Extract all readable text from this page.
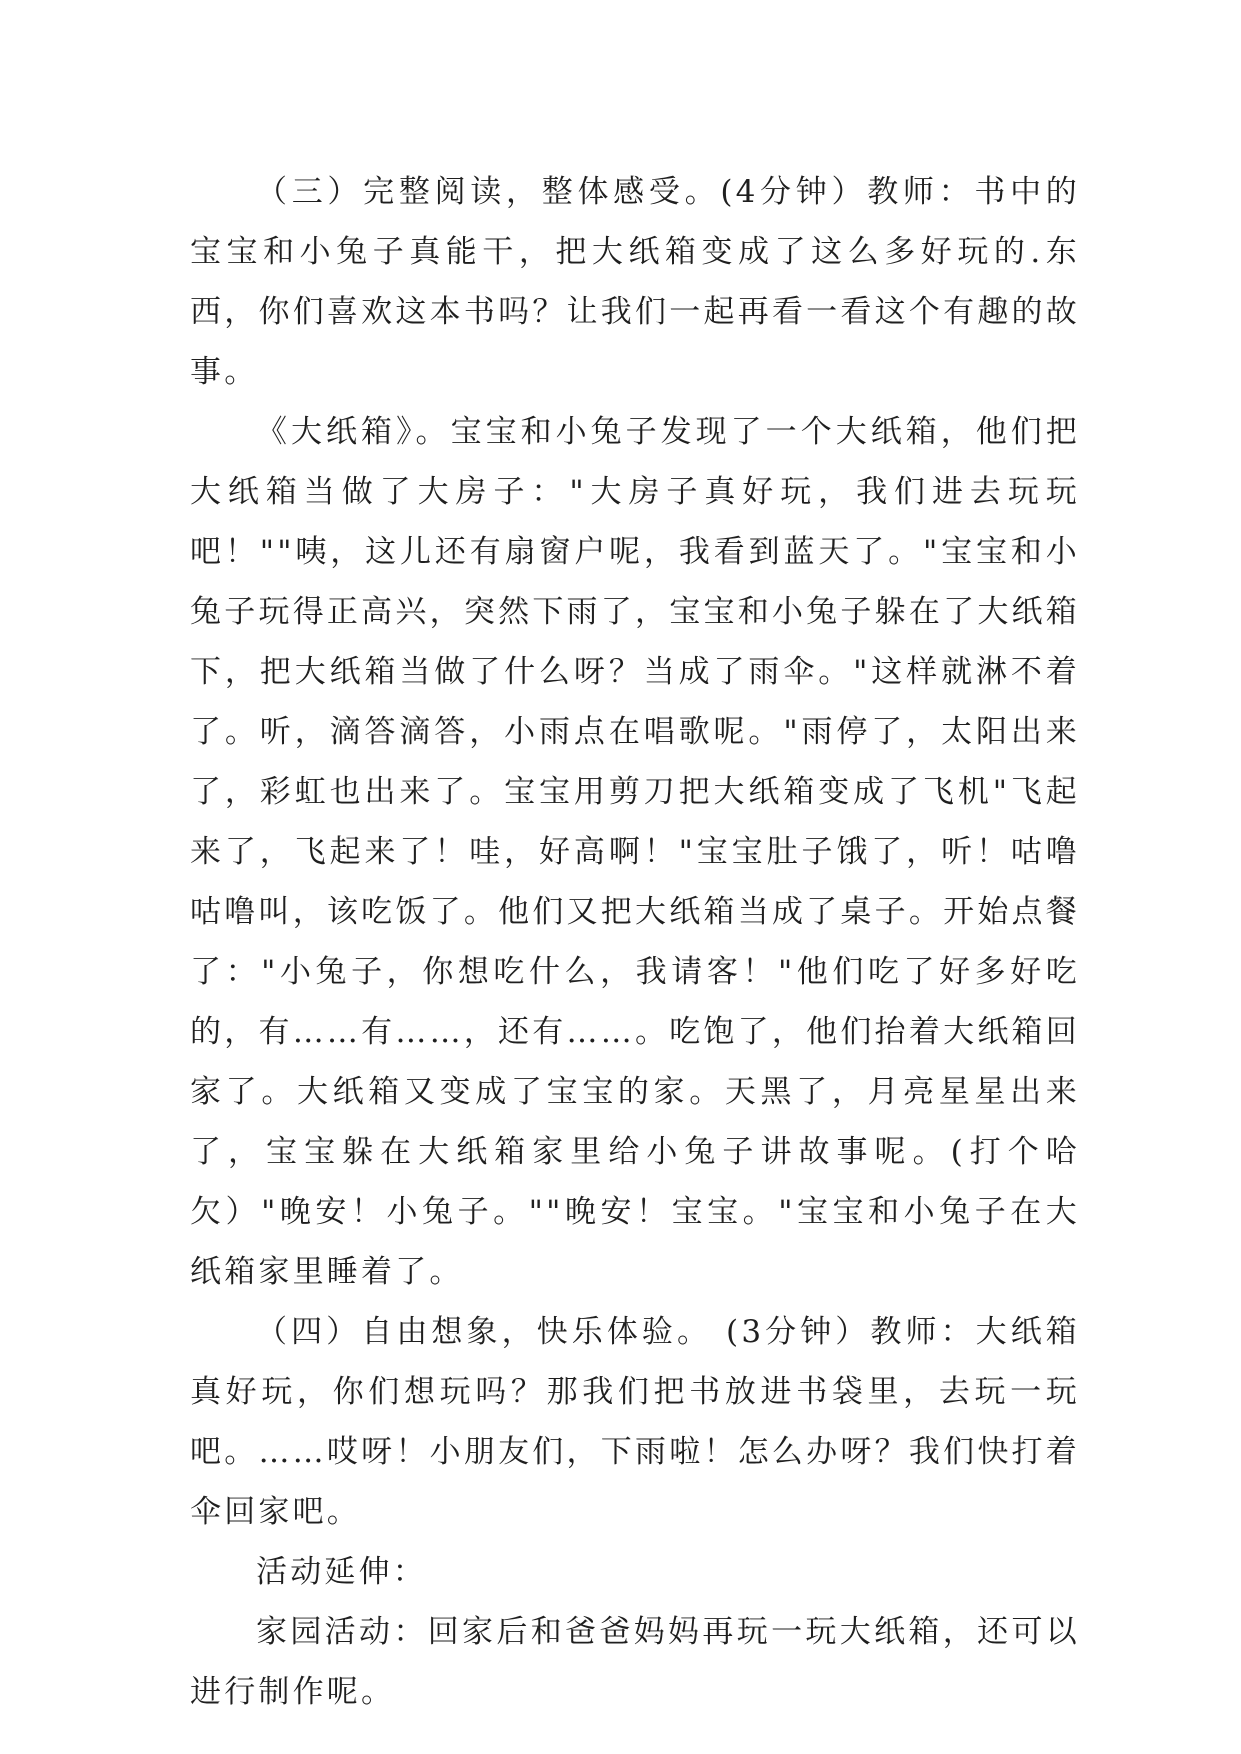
（三）完整阅读，整体感受。(4分钟）教师：书中的宝宝和小兔子真能干，把大纸箱变成了这么多好玩的.东西，你们喜欢这本书吗？让我们一起再看一看这个有趣的故事。

《大纸箱》。宝宝和小兔子发现了一个大纸箱，他们把大纸箱当做了大房子："大房子真好玩，我们进去玩玩吧！""咦，这儿还有扇窗户呢，我看到蓝天了。"宝宝和小兔子玩得正高兴，突然下雨了，宝宝和小兔子躲在了大纸箱下，把大纸箱当做了什么呀？当成了雨伞。"这样就淋不着了。听，滴答滴答，小雨点在唱歌呢。"雨停了，太阳出来了，彩虹也出来了。宝宝用剪刀把大纸箱变成了飞机"飞起来了，飞起来了！哇，好高啊！"宝宝肚子饿了，听！咕噜咕噜叫，该吃饭了。他们又把大纸箱当成了桌子。开始点餐了："小兔子，你想吃什么，我请客！"他们吃了好多好吃的，有……有……，还有……。吃饱了，他们抬着大纸箱回家了。大纸箱又变成了宝宝的家。天黑了，月亮星星出来了，宝宝躲在大纸箱家里给小兔子讲故事呢。(打个哈欠）"晚安！小兔子。""晚安！宝宝。"宝宝和小兔子在大纸箱家里睡着了。

（四）自由想象，快乐体验。 (3分钟）教师：大纸箱真好玩，你们想玩吗？那我们把书放进书袋里，去玩一玩吧。……哎呀！小朋友们，下雨啦！怎么办呀？我们快打着伞回家吧。

活动延伸：

家园活动：回家后和爸爸妈妈再玩一玩大纸箱，还可以进行制作呢。
